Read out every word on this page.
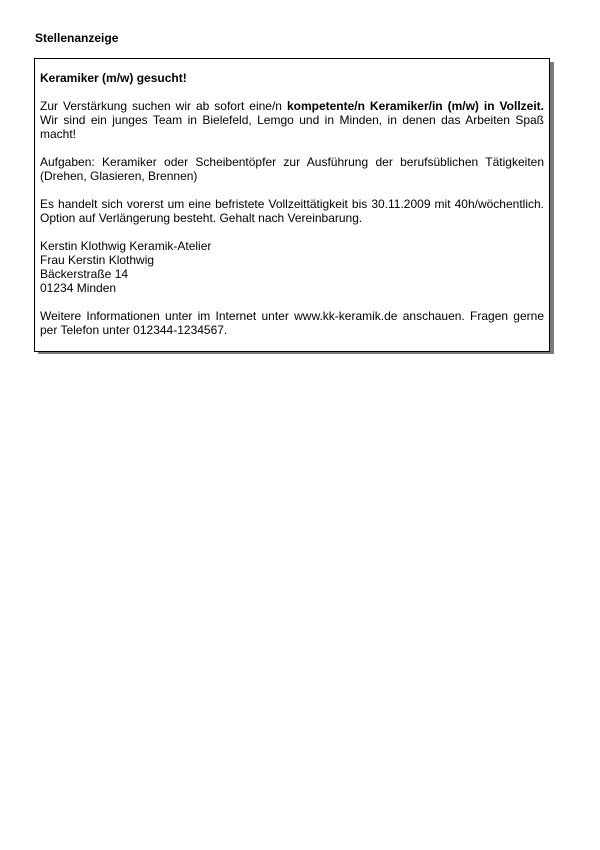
Stellenanzeige

Keramiker (m/w) gesucht!

Zur Verstärkung suchen wir ab sofort eine/n kompetente/n Keramiker/in (m/w) in Vollzeit. Wir sind ein junges Team in Bielefeld, Lemgo und in Minden, in denen das Arbeiten Spaß macht!

Aufgaben: Keramiker oder Scheibentöpfer zur Ausführung der berufsüblichen Tätigkeiten (Drehen, Glasieren, Brennen)

Es handelt sich vorerst um eine befristete Vollzeittätigkeit bis 30.11.2009 mit 40h/wöchentlich. Option auf Verlängerung besteht. Gehalt nach Vereinbarung.

Kerstin Klothwig Keramik-Atelier
Frau Kerstin Klothwig
Bäckerstraße 14
01234 Minden

Weitere Informationen unter im Internet unter www.kk-keramik.de anschauen. Fragen gerne per Telefon unter 012344-1234567.
